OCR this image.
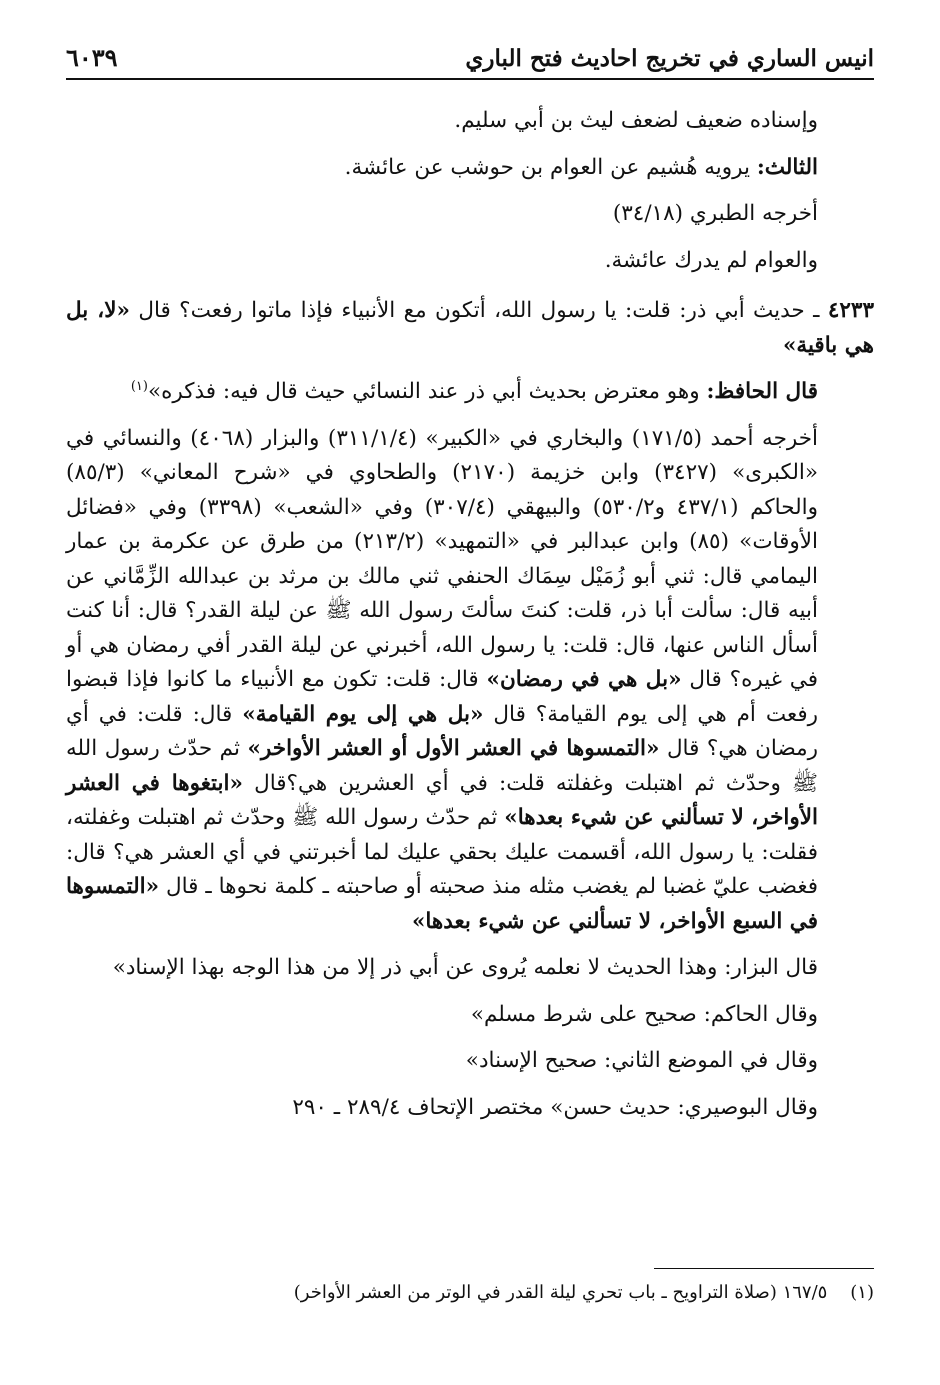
انيس الساري في تخريج احاديث فتح الباري
٦٠٣٩

وإسناده ضعيف لضعف ليث بن أبي سليم.

الثالث: يرويه هُشيم عن العوام بن حوشب عن عائشة.

أخرجه الطبري (٣٤/١٨)

والعوام لم يدرك عائشة.

٤٢٣٣ ـ حديث أبي ذر: قلت: يا رسول الله، أتكون مع الأنبياء فإذا ماتوا رفعت؟ قال «لا، بل هي باقية»

قال الحافظ: وهو معترض بحديث أبي ذر عند النسائي حيث قال فيه: فذكره»$^{(١)}$

أخرجه أحمد (١٧١/٥) والبخاري في «الكبير» (٣١١/١/٤) والبزار (٤٠٦٨) والنسائي في «الكبرى» (٣٤٢٧) وابن خزيمة (٢١٧٠) والطحاوي في «شرح المعاني» (٨٥/٣) والحاكم (٤٣٧/١ و٥٣٠/٢) والبيهقي (٣٠٧/٤) وفي «الشعب» (٣٣٩٨) وفي «فضائل الأوقات» (٨٥) وابن عبدالبر في «التمهيد» (٢١٣/٢) من طرق عن عكرمة بن عمار اليمامي قال: ثني أبو زُمَيْل سِمَاك الحنفي ثني مالك بن مرثد بن عبدالله الزِّمَّاني عن أبيه قال: سألت أبا ذر، قلت: كنتَ سألتَ رسول الله ﷺ عن ليلة القدر؟ قال: أنا كنت أسأل الناس عنها، قال: قلت: يا رسول الله، أخبرني عن ليلة القدر أفي رمضان هي أو في غيره؟ قال «بل هي في رمضان» قال: قلت: تكون مع الأنبياء ما كانوا فإذا قبضوا رفعت أم هي إلى يوم القيامة؟ قال «بل هي إلى يوم القيامة» قال: قلت: في أي رمضان هي؟ قال «التمسوها في العشر الأول أو العشر الأواخر» ثم حدّث رسول الله ﷺ وحدّث ثم اهتبلت وغفلته قلت: في أي العشرين هي؟قال «ابتغوها في العشر الأواخر، لا تسألني عن شيء بعدها» ثم حدّث رسول الله ﷺ وحدّث ثم اهتبلت وغفلته، فقلت: يا رسول الله، أقسمت عليك بحقي عليك لما أخبرتني في أي العشر هي؟ قال: فغضب عليّ غضبا لم يغضب مثله منذ صحبته أو صاحبته ـ كلمة نحوها ـ قال «التمسوها في السبع الأواخر، لا تسألني عن شيء بعدها»

قال البزار: وهذا الحديث لا نعلمه يُروى عن أبي ذر إلا من هذا الوجه بهذا الإسناد»

وقال الحاكم: صحيح على شرط مسلم»

وقال في الموضع الثاني: صحيح الإسناد»

وقال البوصيري: حديث حسن» مختصر الإتحاف ٢٨٩/٤ ـ ٢٩٠

(١)    ١٦٧/٥ (صلاة التراويح ـ باب تحري ليلة القدر في الوتر من العشر الأواخر)
